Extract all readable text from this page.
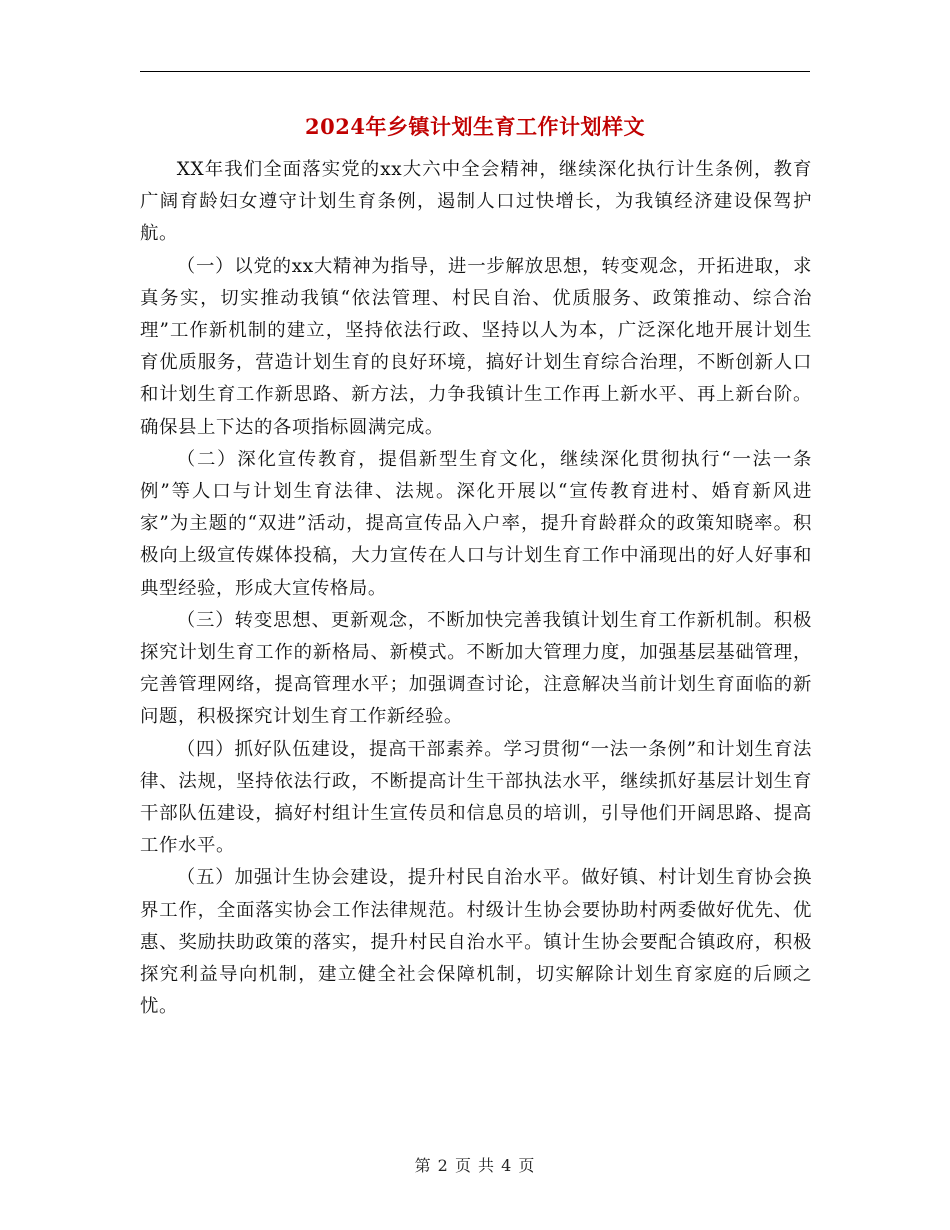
2024年乡镇计划生育工作计划样文

XX年我们全面落实党的xx大六中全会精神，继续深化执行计生条例，教育广阔育龄妇女遵守计划生育条例，遏制人口过快增长，为我镇经济建设保驾护航。

（一）以党的xx大精神为指导，进一步解放思想，转变观念，开拓进取，求真务实，切实推动我镇“依法管理、村民自治、优质服务、政策推动、综合治理”工作新机制的建立，坚持依法行政、坚持以人为本，广泛深化地开展计划生育优质服务，营造计划生育的良好环境，搞好计划生育综合治理，不断创新人口和计划生育工作新思路、新方法，力争我镇计生工作再上新水平、再上新台阶。确保县上下达的各项指标圆满完成。

（二）深化宣传教育，提倡新型生育文化，继续深化贯彻执行“一法一条例”等人口与计划生育法律、法规。深化开展以“宣传教育进村、婚育新风进家”为主题的“双进”活动，提高宣传品入户率，提升育龄群众的政策知晓率。积极向上级宣传媒体投稿，大力宣传在人口与计划生育工作中涌现出的好人好事和典型经验，形成大宣传格局。

（三）转变思想、更新观念，不断加快完善我镇计划生育工作新机制。积极探究计划生育工作的新格局、新模式。不断加大管理力度，加强基层基础管理，完善管理网络，提高管理水平；加强调查讨论，注意解决当前计划生育面临的新问题，积极探究计划生育工作新经验。

（四）抓好队伍建设，提高干部素养。学习贯彻“一法一条例”和计划生育法律、法规，坚持依法行政，不断提高计生干部执法水平，继续抓好基层计划生育干部队伍建设，搞好村组计生宣传员和信息员的培训，引导他们开阔思路、提高工作水平。

（五）加强计生协会建设，提升村民自治水平。做好镇、村计划生育协会换界工作，全面落实协会工作法律规范。村级计生协会要协助村两委做好优先、优惠、奖励扶助政策的落实，提升村民自治水平。镇计生协会要配合镇政府，积极探究利益导向机制，建立健全社会保障机制，切实解除计划生育家庭的后顾之忧。

第 2 页 共 4 页
